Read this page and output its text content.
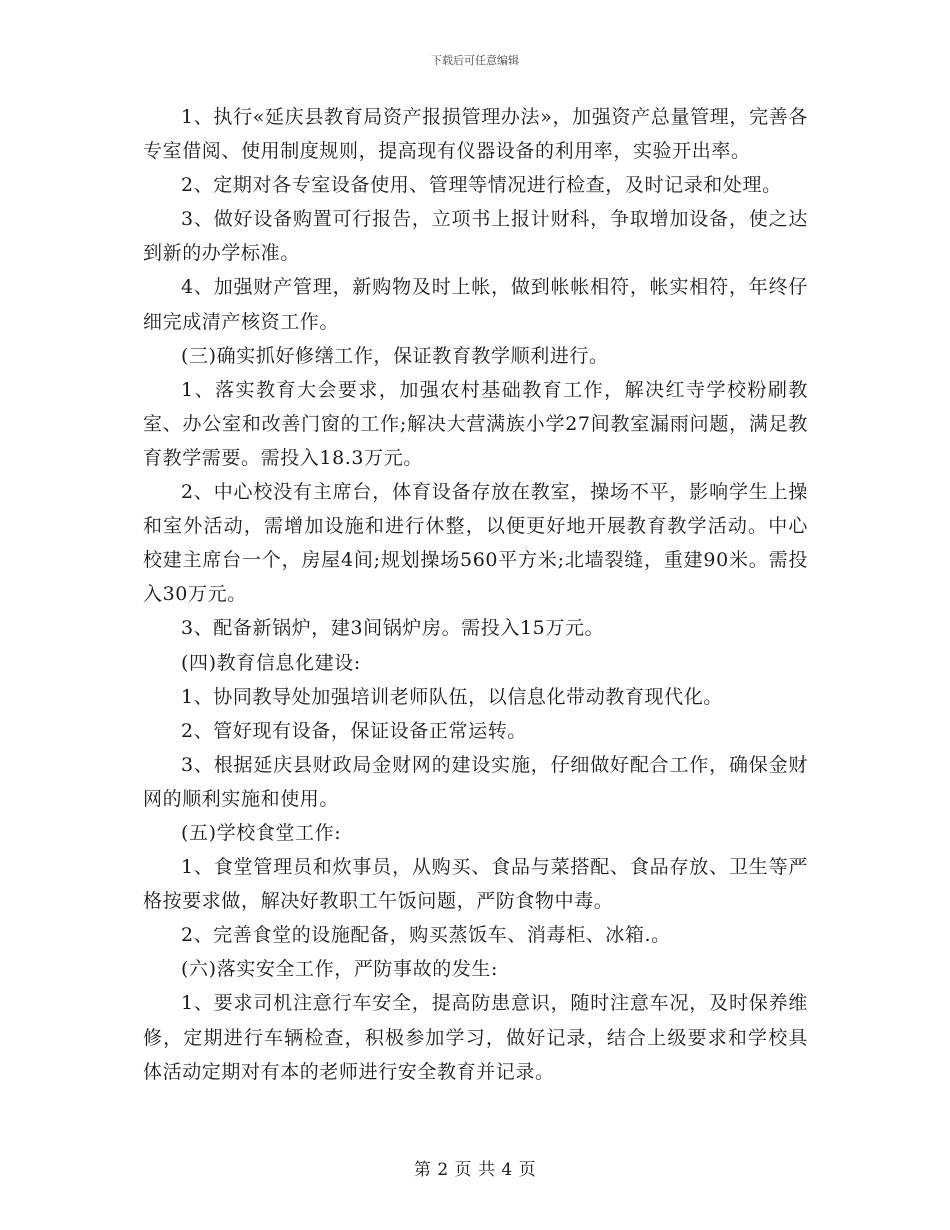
下载后可任意编辑

1、执行«延庆县教育局资产报损管理办法»，加强资产总量管理，完善各专室借阅、使用制度规则，提高现有仪器设备的利用率，实验开出率。

2、定期对各专室设备使用、管理等情况进行检查，及时记录和处理。

3、做好设备购置可行报告，立项书上报计财科，争取增加设备，使之达到新的办学标准。

4、加强财产管理，新购物及时上帐，做到帐帐相符，帐实相符，年终仔细完成清产核资工作。

(三)确实抓好修缮工作，保证教育教学顺利进行。

1、落实教育大会要求，加强农村基础教育工作，解决红寺学校粉刷教室、办公室和改善门窗的工作;解决大营满族小学27间教室漏雨问题，满足教育教学需要。需投入18.3万元。

2、中心校没有主席台，体育设备存放在教室，操场不平，影响学生上操和室外活动，需增加设施和进行休整，以便更好地开展教育教学活动。中心校建主席台一个，房屋4间;规划操场560平方米;北墙裂缝，重建90米。需投入30万元。

3、配备新锅炉，建3间锅炉房。需投入15万元。

(四)教育信息化建设:

1、协同教导处加强培训老师队伍，以信息化带动教育现代化。

2、管好现有设备，保证设备正常运转。

3、根据延庆县财政局金财网的建设实施，仔细做好配合工作，确保金财网的顺利实施和使用。

(五)学校食堂工作:

1、食堂管理员和炊事员，从购买、食品与菜搭配、食品存放、卫生等严格按要求做，解决好教职工午饭问题，严防食物中毒。

2、完善食堂的设施配备，购买蒸饭车、消毒柜、冰箱.。

(六)落实安全工作，严防事故的发生:

1、要求司机注意行车安全，提高防患意识，随时注意车况，及时保养维修，定期进行车辆检查，积极参加学习，做好记录，结合上级要求和学校具体活动定期对有本的老师进行安全教育并记录。

第 2 页 共 4 页
